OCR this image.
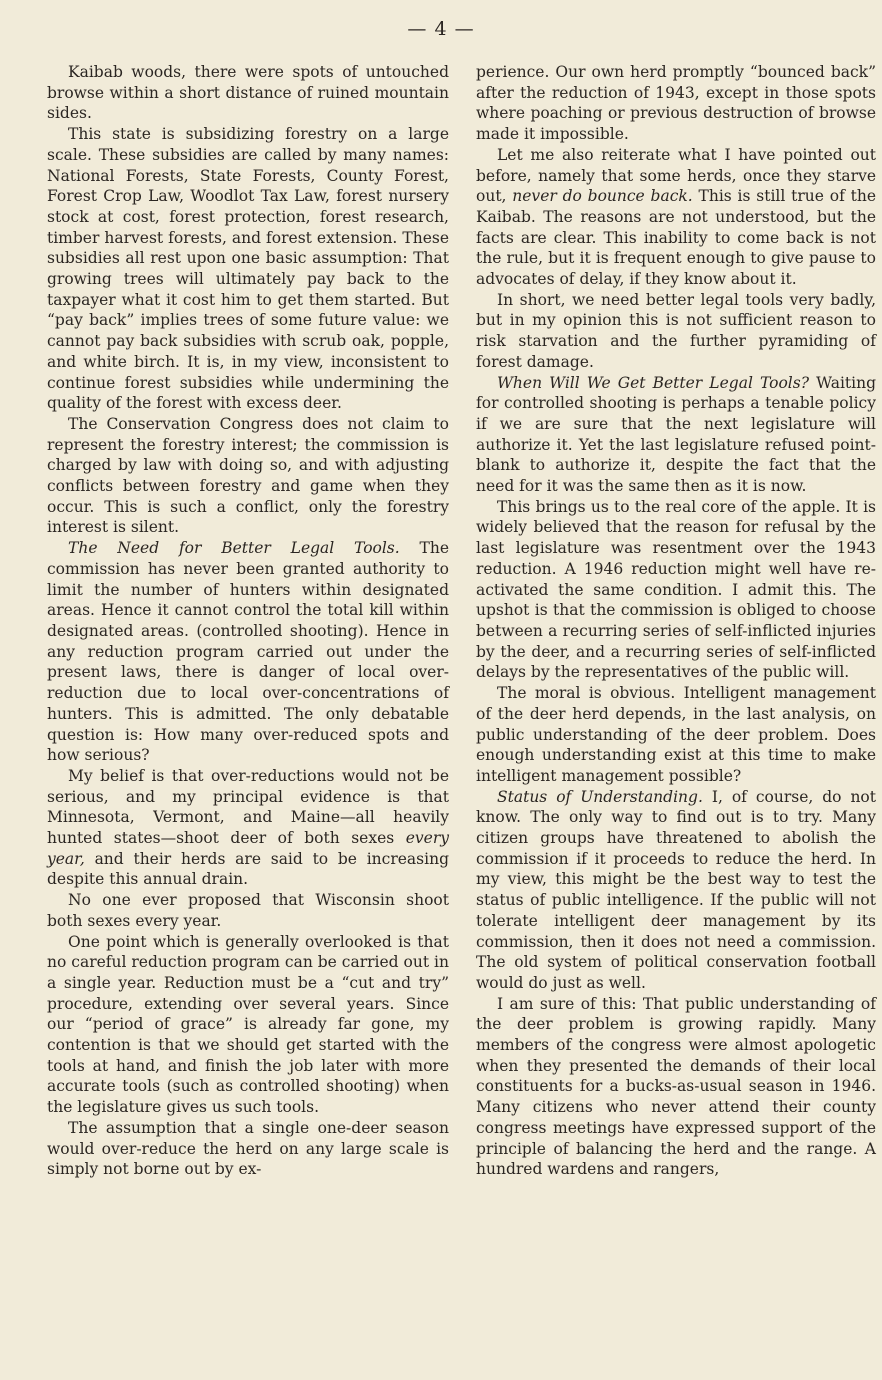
— 4 —

Kaibab woods, there were spots of untouched browse within a short distance of ruined mountain sides.

This state is subsidizing forestry on a large scale. These subsidies are called by many names: National Forests, State Forests, County Forest, Forest Crop Law, Woodlot Tax Law, forest nursery stock at cost, forest protection, forest research, timber harvest forests, and forest extension. These subsidies all rest upon one basic assumption: That growing trees will ultimately pay back to the taxpayer what it cost him to get them started. But “pay back” implies trees of some future value: we cannot pay back subsidies with scrub oak, popple, and white birch. It is, in my view, inconsistent to continue forest subsidies while undermining the quality of the forest with excess deer.

The Conservation Congress does not claim to represent the forestry interest; the commission is charged by law with doing so, and with adjusting conflicts between forestry and game when they occur. This is such a conflict, only the forestry interest is silent.

The Need for Better Legal Tools. The commission has never been granted authority to limit the number of hunters within designated areas. Hence it cannot control the total kill within designated areas. (controlled shooting). Hence in any reduction program carried out under the present laws, there is danger of local over-reduction due to local over-concentrations of hunters. This is admitted. The only debatable question is: How many over-reduced spots and how serious?

My belief is that over-reductions would not be serious, and my principal evidence is that Minnesota, Vermont, and Maine—all heavily hunted states—shoot deer of both sexes every year, and their herds are said to be increasing despite this annual drain.

No one ever proposed that Wisconsin shoot both sexes every year.

One point which is generally overlooked is that no careful reduction program can be carried out in a single year. Reduction must be a “cut and try” procedure, extending over several years. Since our “period of grace” is already far gone, my contention is that we should get started with the tools at hand, and finish the job later with more accurate tools (such as controlled shooting) when the legislature gives us such tools.

The assumption that a single one-deer season would over-reduce the herd on any large scale is simply not borne out by ex-

perience. Our own herd promptly “bounced back” after the reduction of 1943, except in those spots where poaching or previous destruction of browse made it impossible.

Let me also reiterate what I have pointed out before, namely that some herds, once they starve out, never do bounce back. This is still true of the Kaibab. The reasons are not understood, but the facts are clear. This inability to come back is not the rule, but it is frequent enough to give pause to advocates of delay, if they know about it.

In short, we need better legal tools very badly, but in my opinion this is not sufficient reason to risk starvation and the further pyramiding of forest damage.

When Will We Get Better Legal Tools? Waiting for controlled shooting is perhaps a tenable policy if we are sure that the next legislature will authorize it. Yet the last legislature refused point-blank to authorize it, despite the fact that the need for it was the same then as it is now.

This brings us to the real core of the apple. It is widely believed that the reason for refusal by the last legislature was resentment over the 1943 reduction. A 1946 reduction might well have re-activated the same condition. I admit this. The upshot is that the commission is obliged to choose between a recurring series of self-inflicted injuries by the deer, and a recurring series of self-inflicted delays by the representatives of the public will.

The moral is obvious. Intelligent management of the deer herd depends, in the last analysis, on public understanding of the deer problem. Does enough understanding exist at this time to make intelligent management possible?

Status of Understanding. I, of course, do not know. The only way to find out is to try. Many citizen groups have threatened to abolish the commission if it proceeds to reduce the herd. In my view, this might be the best way to test the status of public intelligence. If the public will not tolerate intelligent deer management by its commission, then it does not need a commission. The old system of political conservation football would do just as well.

I am sure of this: That public understanding of the deer problem is growing rapidly. Many members of the congress were almost apologetic when they presented the demands of their local constituents for a bucks-as-usual season in 1946. Many citizens who never attend their county congress meetings have expressed support of the principle of balancing the herd and the range. A hundred wardens and rangers,
